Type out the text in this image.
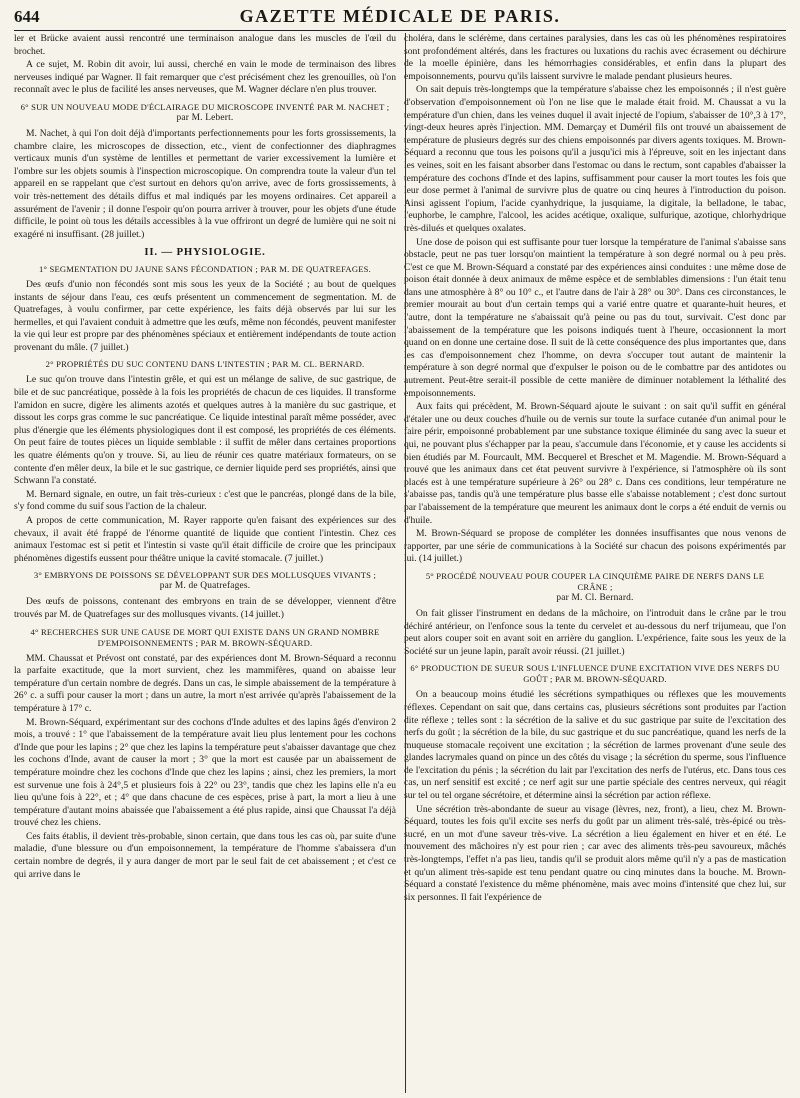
644	GAZETTE MÉDICALE DE PARIS.

ler et Brücke avaient aussi rencontré une terminaison analogue dans les muscles de l'œil du brochet.

A ce sujet, M. Robin dit avoir, lui aussi, cherché en vain le mode de terminaison des libres nerveuses indiqué par Wagner. Il fait remarquer que c'est précisément chez les grenouilles, où l'on reconnaît avec le plus de facilité les anses nerveuses, que M. Wagner déclare n'en plus trouver.

6° SUR UN NOUVEAU MODE D'ÉCLAIRAGE DU MICROSCOPE INVENTÉ PAR M. NACHET ;
par M. Lebert.

M. Nachet, à qui l'on doit déjà d'importants perfectionnements pour les forts grossissements, la chambre claire, les microscopes de dissection, etc., vient de confectionner des diaphragmes verticaux munis d'un système de lentilles et permettant de varier excessivement la lumière et l'ombre sur les objets soumis à l'inspection microscopique. On comprendra toute la valeur d'un tel appareil en se rappelant que c'est surtout en dehors qu'on arrive, avec de forts grossissements, à voir très-nettement des détails diffus et mal indiqués par les moyens ordinaires. Cet appareil a assurément de l'avenir ; il donne l'espoir qu'on pourra arriver à trouver, pour les objets d'une étude difficile, le point où tous les détails accessibles à la vue offriront un degré de lumière qui ne soit ni exagéré ni insuffisant. (28 juillet.)

II. — PHYSIOLOGIE.
1° SEGMENTATION DU JAUNE SANS FÉCONDATION ; PAR M. DE QUATREFAGES.

Des œufs d'unio non fécondés sont mis sous les yeux de la Société ; au bout de quelques instants de séjour dans l'eau, ces œufs présentent un commencement de segmentation. M. de Quatrefages, à voulu confirmer, par cette expérience, les faits déjà observés par lui sur les hermelles, et qui l'avaient conduit à admettre que les œufs, même non fécondés, peuvent manifester la vie qui leur est propre par des phénomènes spéciaux et entièrement indépendants de toute action provenant du mâle. (7 juillet.)

2° PROPRIÉTÉS DU SUC CONTENU DANS L'INTESTIN ; PAR M. CL. BERNARD.

Le suc qu'on trouve dans l'intestin grêle, et qui est un mélange de salive, de suc gastrique, de bile et de suc pancréatique, possède à la fois les propriétés de chacun de ces liquides. Il transforme l'amidon en sucre, digère les aliments azotés et quelques autres à la manière du suc gastrique, et dissout les corps gras comme le suc pancréatique. Ce liquide intestinal paraît même posséder, avec plus d'énergie que les éléments physiologiques dont il est composé, les propriétés de ces éléments. On peut faire de toutes pièces un liquide semblable : il suffit de mêler dans certaines proportions les quatre éléments qu'on y trouve. Si, au lieu de réunir ces quatre matériaux formateurs, on se contente d'en mêler deux, la bile et le suc gastrique, ce dernier liquide perd ses propriétés, ainsi que Schwann l'a constaté.

M. Bernard signale, en outre, un fait très-curieux : c'est que le pancréas, plongé dans de la bile, s'y fond comme du suif sous l'action de la chaleur.

A propos de cette communication, M. Rayer rapporte qu'en faisant des expériences sur des chevaux, il avait été frappé de l'énorme quantité de liquide que contient l'intestin. Chez ces animaux l'estomac est si petit et l'intestin si vaste qu'il était difficile de croire que les principaux phénomènes digestifs eussent pour théâtre unique la cavité stomacale. (7 juillet.)

3° EMBRYONS DE POISSONS SE DÉVELOPPANT SUR DES MOLLUSQUES VIVANTS ;
par M. de Quatrefages.

Des œufs de poissons, contenant des embryons en train de se développer, viennent d'être trouvés par M. de Quatrefages sur des mollusques vivants. (14 juillet.)

4° RECHERCHES SUR UNE CAUSE DE MORT QUI EXISTE DANS UN GRAND NOMBRE D'EMPOISONNEMENTS ; PAR M. BROWN-SÉQUARD.

MM. Chaussat et Prévost ont constaté, par des expériences dont M. Brown-Séquard a reconnu la parfaite exactitude, que la mort survient, chez les mammifères, quand on abaisse leur température d'un certain nombre de degrés. Dans un cas, le simple abaissement de la température à 26° c. a suffi pour causer la mort ; dans un autre, la mort n'est arrivée qu'après l'abaissement de la température à 17° c.

M. Brown-Séquard, expérimentant sur des cochons d'Inde adultes et des lapins âgés d'environ 2 mois, a trouvé : 1° que l'abaissement de la température avait lieu plus lentement pour les cochons d'Inde que pour les lapins ; 2° que chez les lapins la température peut s'abaisser davantage que chez les cochons d'Inde, avant de causer la mort ; 3° que la mort est causée par un abaissement de température moindre chez les cochons d'Inde que chez les lapins ; ainsi, chez les premiers, la mort est survenue une fois à 24°,5 et plusieurs fois à 22° ou 23°, tandis que chez les lapins elle n'a eu lieu qu'une fois à 22°, et ; 4° que dans chacune de ces espèces, prise à part, la mort a lieu à une température d'autant moins abaissée que l'abaissement a été plus rapide, ainsi que Chaussat l'a déjà trouvé chez les chiens.

Ces faits établis, il devient très-probable, sinon certain, que dans tous les cas où, par suite d'une maladie, d'une blessure ou d'un empoisonnement, la température de l'homme s'abaissera d'un certain nombre de degrés, il y aura danger de mort par le seul fait de cet abaissement ; et c'est ce qui arrive dans le

choléra, dans le sclérème, dans certaines paralysies, dans les cas où les phénomènes respiratoires sont profondément altérés, dans les fractures ou luxations du rachis avec écrasement ou déchirure de la moelle épinière, dans les hémorrhagies considérables, et enfin dans la plupart des empoisonnements, pourvu qu'ils laissent survivre le malade pendant plusieurs heures.

On sait depuis très-longtemps que la température s'abaisse chez les empoisonnés ; il n'est guère d'observation d'empoisonnement où l'on ne lise que le malade était froid. M. Chaussat a vu la température d'un chien, dans les veines duquel il avait injecté de l'opium, s'abaisser de 10°,3 à 17°, vingt-deux heures après l'injection. MM. Demarçay et Duméril fils ont trouvé un abaissement de température de plusieurs degrés sur des chiens empoisonnés par divers agents toxiques. M. Brown-Séquard a reconnu que tous les poisons qu'il a jusqu'ici mis à l'épreuve, soit en les injectant dans les veines, soit en les faisant absorber dans l'estomac ou dans le rectum, sont capables d'abaisser la température des cochons d'Inde et des lapins, suffisamment pour causer la mort toutes les fois que leur dose permet à l'animal de survivre plus de quatre ou cinq heures à l'introduction du poison. Ainsi agissent l'opium, l'acide cyanhydrique, la jusquiame, la digitale, la belladone, le tabac, l'euphorbe, le camphre, l'alcool, les acides acétique, oxalique, sulfurique, azotique, chlorhydrique très-dilués et quelques oxalates.

Une dose de poison qui est suffisante pour tuer lorsque la température de l'animal s'abaisse sans obstacle, peut ne pas tuer lorsqu'on maintient la température à son degré normal ou à peu près. C'est ce que M. Brown-Séquard a constaté par des expériences ainsi conduites : une même dose de poison était donnée à deux animaux de même espèce et de semblables dimensions : l'un était tenu dans une atmosphère à 8° ou 10° c., et l'autre dans de l'air à 28° ou 30°. Dans ces circonstances, le premier mourait au bout d'un certain temps qui a varié entre quatre et quarante-huit heures, et l'autre, dont la température ne s'abaissait qu'à peine ou pas du tout, survivait. C'est donc par l'abaissement de la température que les poisons indiqués tuent à l'heure, occasionnent la mort quand on en donne une certaine dose. Il suit de là cette conséquence des plus importantes que, dans les cas d'empoisonnement chez l'homme, on devra s'occuper tout autant de maintenir la température à son degré normal que d'expulser le poison ou de le combattre par des antidotes ou autrement. Peut-être serait-il possible de cette manière de diminuer notablement la léthalité des empoisonnements.

Aux faits qui précèdent, M. Brown-Séquard ajoute le suivant : on sait qu'il suffit en général d'étaler une ou deux couches d'huile ou de vernis sur toute la surface cutanée d'un animal pour le faire périr, empoisonné probablement par une substance toxique éliminée du sang avec la sueur et qui, ne pouvant plus s'échapper par la peau, s'accumule dans l'économie, et y cause les accidents si bien étudiés par M. Fourcault, MM. Becquerel et Breschet et M. Magendie. M. Brown-Séquard a trouvé que les animaux dans cet état peuvent survivre à l'expérience, si l'atmosphère où ils sont placés est à une température supérieure à 26° ou 28° c. Dans ces conditions, leur température ne s'abaisse pas, tandis qu'à une température plus basse elle s'abaisse notablement ; c'est donc surtout par l'abaissement de la température que meurent les animaux dont le corps a été enduit de vernis ou d'huile.

M. Brown-Séquard se propose de compléter les données insuffisantes que nous venons de rapporter, par une série de communications à la Société sur chacun des poisons expérimentés par lui. (14 juillet.)

5° PROCÉDÉ NOUVEAU POUR COUPER LA CINQUIÈME PAIRE DE NERFS DANS LE CRÂNE ;
par M. Cl. Bernard.

On fait glisser l'instrument en dedans de la mâchoire, on l'introduit dans le crâne par le trou déchiré antérieur, on l'enfonce sous la tente du cervelet et au-dessous du nerf trijumeau, que l'on peut alors couper soit en avant soit en arrière du ganglion. L'expérience, faite sous les yeux de la Société sur un jeune lapin, paraît avoir réussi. (21 juillet.)

6° PRODUCTION DE SUEUR SOUS L'INFLUENCE D'UNE EXCITATION VIVE DES NERFS DU GOÛT ; PAR M. BROWN-SÉQUARD.

On a beaucoup moins étudié les sécrétions sympathiques ou réflexes que les mouvements réflexes. Cependant on sait que, dans certains cas, plusieurs sécrétions sont produites par l'action dite réflexe ; telles sont : la sécrétion de la salive et du suc gastrique par suite de l'excitation des nerfs du goût ; la sécrétion de la bile, du suc gastrique et du suc pancréatique, quand les nerfs de la muqueuse stomacale reçoivent une excitation ; la sécrétion de larmes provenant d'une seule des glandes lacrymales quand on pince un des côtés du visage ; la sécrétion du sperme, sous l'influence de l'excitation du pénis ; la sécrétion du lait par l'excitation des nerfs de l'utérus, etc. Dans tous ces cas, un nerf sensitif est excité ; ce nerf agit sur une partie spéciale des centres nerveux, qui réagit sur tel ou tel organe sécrétoire, et détermine ainsi la sécrétion par action réflexe.

Une sécrétion très-abondante de sueur au visage (lèvres, nez, front), a lieu, chez M. Brown-Séquard, toutes les fois qu'il excite ses nerfs du goût par un aliment très-salé, très-épicé ou très-sucré, en un mot d'une saveur très-vive. La sécrétion a lieu également en hiver et en été. Le mouvement des mâchoires n'y est pour rien ; car avec des aliments très-peu savoureux, mâchés très-longtemps, l'effet n'a pas lieu, tandis qu'il se produit alors même qu'il n'y a pas de mastication et qu'un aliment très-sapide est tenu pendant quatre ou cinq minutes dans la bouche. M. Brown-Séquard a constaté l'existence du même phénomène, mais avec moins d'intensité que chez lui, sur six personnes. Il fait l'expérience de
